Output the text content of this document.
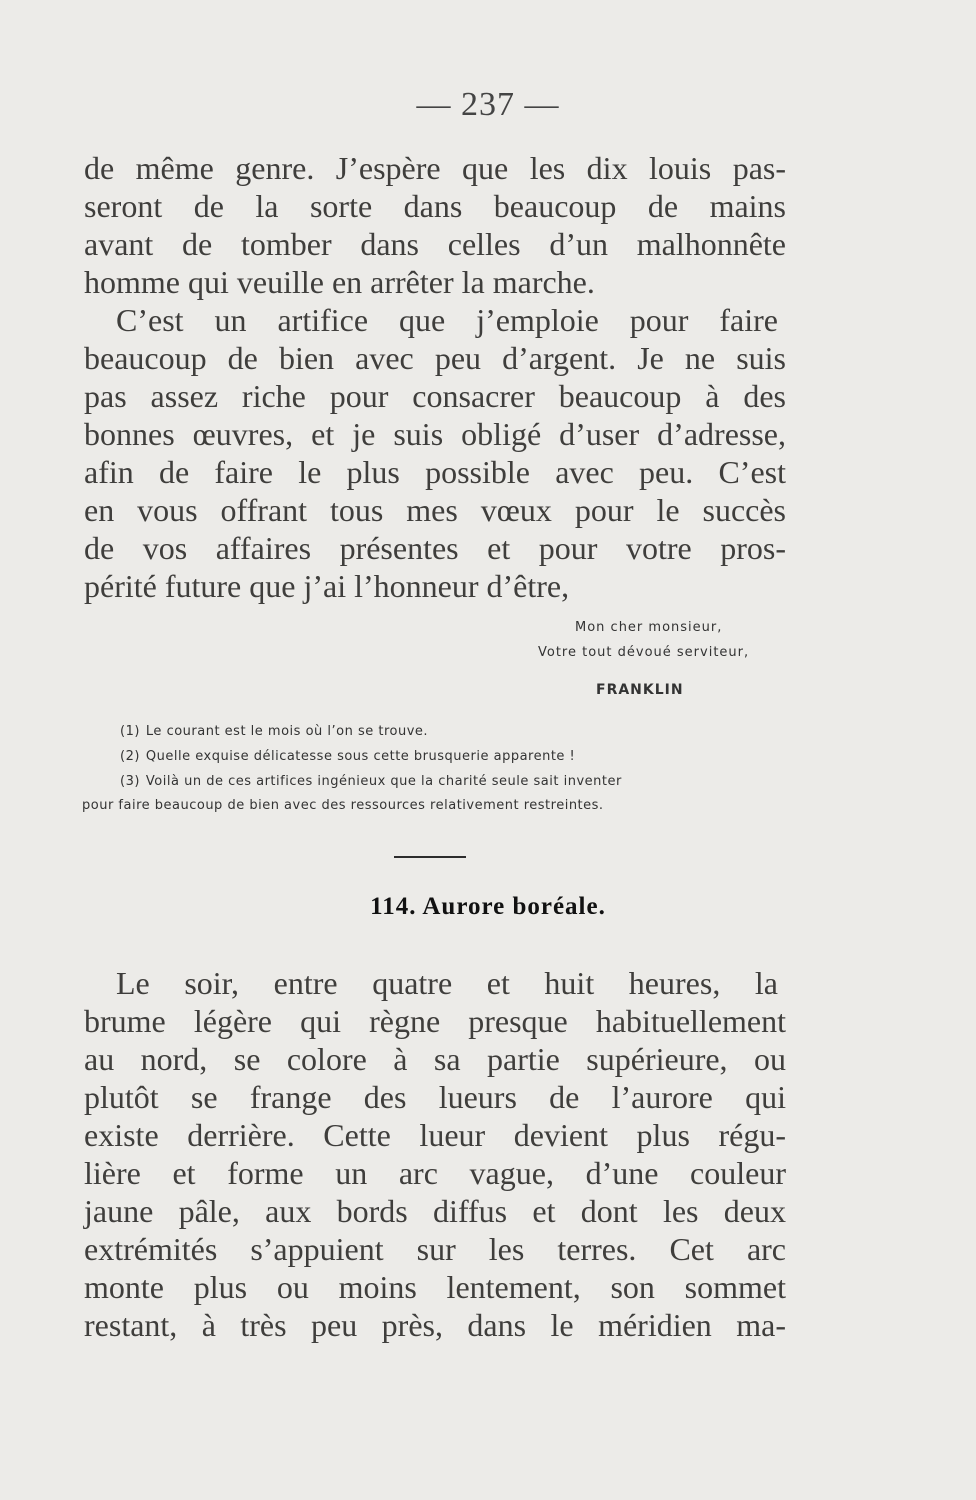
— 237 —
de même genre. J’espère que les dix louis pas-
seront de la sorte dans beaucoup de mains
avant de tomber dans celles d’un malhonnête
homme qui veuille en arrêter la marche.
C’est un artifice que j’emploie pour faire
beaucoup de bien avec peu d’argent. Je ne suis
pas assez riche pour consacrer beaucoup à des
bonnes œuvres, et je suis obligé d’user d’adresse,
afin de faire le plus possible avec peu. C’est
en vous offrant tous mes vœux pour le succès
de vos affaires présentes et pour votre pros-
périté future que j’ai l’honneur d’être,
Mon cher monsieur,
Votre tout dévoué serviteur,
FRANKLIN
(1) Le courant est le mois où l’on se trouve.
(2) Quelle exquise délicatesse sous cette brusquerie apparente !
(3) Voilà un de ces artifices ingénieux que la charité seule sait inventer
pour faire beaucoup de bien avec des ressources relativement restreintes.
114. Aurore boréale.
Le soir, entre quatre et huit heures, la
brume légère qui règne presque habituellement
au nord, se colore à sa partie supérieure, ou
plutôt se frange des lueurs de l’aurore qui
existe derrière. Cette lueur devient plus régu-
lière et forme un arc vague, d’une couleur
jaune pâle, aux bords diffus et dont les deux
extrémités s’appuient sur les terres. Cet arc
monte plus ou moins lentement, son sommet
restant, à très peu près, dans le méridien ma-
